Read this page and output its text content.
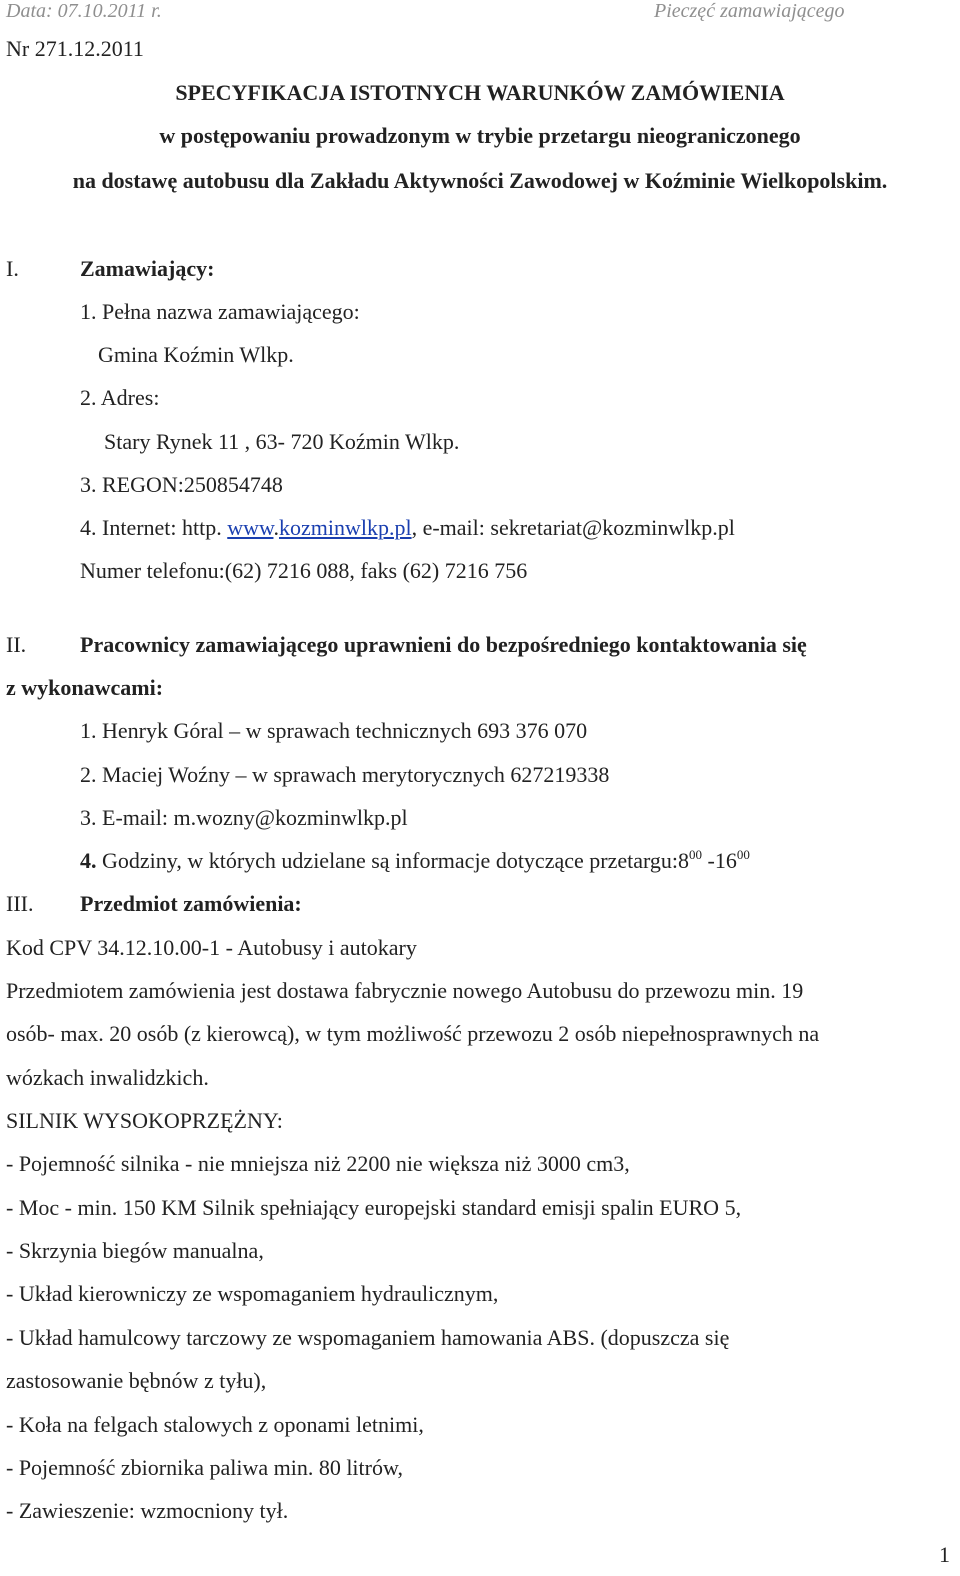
Data: 07.10.2011 r.	Pieczęć zamawiającego
Nr 271.12.2011
SPECYFIKACJA ISTOTNYCH WARUNKÓW ZAMÓWIENIA
w postępowaniu prowadzonym w trybie przetargu nieograniczonego
na dostawę autobusu dla Zakładu Aktywności Zawodowej w Koźminie Wielkopolskim.
I.	Zamawiający:
1. Pełna nazwa zamawiającego:
Gmina Koźmin Wlkp.
2. Adres:
Stary Rynek 11 , 63- 720 Koźmin Wlkp.
3. REGON:250854748
4. Internet: http. www.kozminwlkp.pl, e-mail: sekretariat@kozminwlkp.pl
Numer telefonu:(62) 7216 088, faks (62) 7216 756
II. Pracownicy zamawiającego uprawnieni do bezpośredniego kontaktowania się
z wykonawcami:
1. Henryk Góral – w sprawach technicznych 693 376 070
2. Maciej Woźny – w sprawach merytorycznych 627219338
3. E-mail: m.wozny@kozminwlkp.pl
4. Godziny, w których udzielane są informacje dotyczące $przetargu:8^{00}$ $-16^{00}$
III. Przedmiot zamówienia:
Kod CPV 34.12.10.00-1 - Autobusy i autokary
Przedmiotem zamówienia jest dostawa fabrycznie nowego Autobusu do przewozu min. 19
osób- max. 20 osób (z kierowcą), w tym możliwość przewozu 2 osób niepełnosprawnych na
wózkach inwalidzkich.
SILNIK WYSOKOPRZĘŻNY:
- Pojemność silnika - nie mniejsza niż 2200 nie większa niż 3000 cm3,
- Moc - min. 150 KM Silnik spełniający europejski standard emisji spalin EURO 5,
- Skrzynia biegów manualna,
- Układ kierowniczy ze wspomaganiem hydraulicznym,
- Układ hamulcowy tarczowy ze wspomaganiem hamowania ABS. (dopuszcza się
zastosowanie bębnów z tyłu),
- Koła na felgach stalowych z oponami letnimi,
- Pojemność zbiornika paliwa min. 80 litrów,
- Zawieszenie: wzmocniony tył.
1
